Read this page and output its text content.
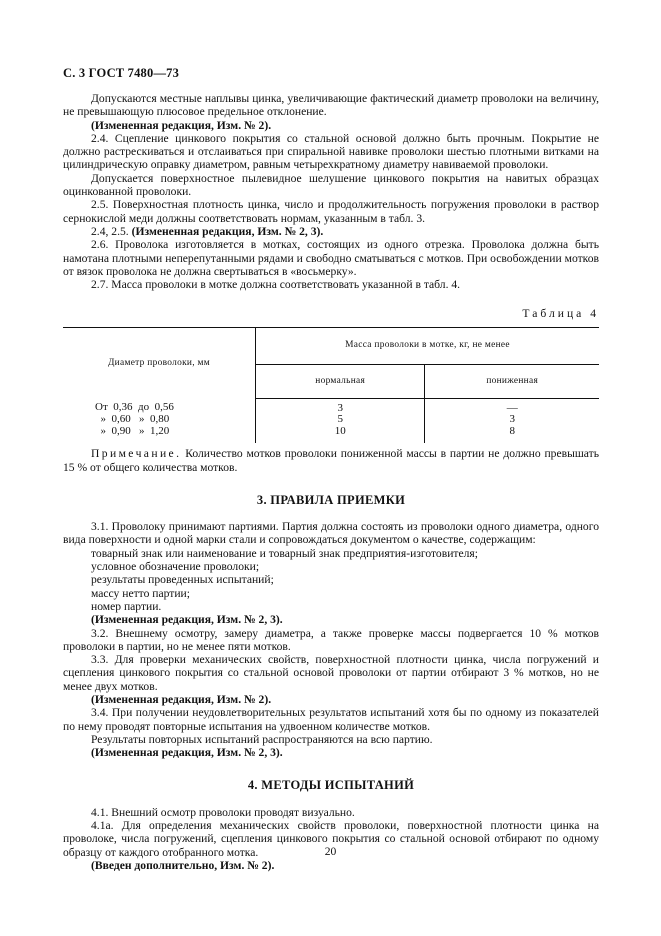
С. 3 ГОСТ 7480—73

Допускаются местные наплывы цинка, увеличивающие фактический диаметр проволоки на величину, не превышающую плюсовое предельное отклонение.

(Измененная редакция, Изм. № 2).

2.4. Сцепление цинкового покрытия со стальной основой должно быть прочным. Покрытие не должно растрескиваться и отслаиваться при спиральной навивке проволоки шестью плотными витками на цилиндрическую оправку диаметром, равным четырехкратному диаметру навиваемой проволоки.

Допускается поверхностное пылевидное шелушение цинкового покрытия на навитых образцах оцинкованной проволоки.

2.5. Поверхностная плотность цинка, число и продолжительность погружения проволоки в раствор сернокислой меди должны соответствовать нормам, указанным в табл. 3.

2.4, 2.5. (Измененная редакция, Изм. № 2, 3).

2.6. Проволока изготовляется в мотках, состоящих из одного отрезка. Проволока должна быть намотана плотными неперепутанными рядами и свободно сматываться с мотков. При освобождении мотков от вязок проволока не должна свертываться в «восьмерку».

2.7. Масса проволоки в мотке должна соответствовать указанной в табл. 4.

Таблица 4
Диаметр проволоки, мм	Масса проволоки в мотке, кг, не менее	
	нормальная	пониженная
От  0,36  до  0,56	3	—
»  0,60   »  0,80	5	3
»  0,90   »  1,20	10	8

Примечание. Количество мотков проволоки пониженной массы в партии не должно превышать 15 % от общего количества мотков.

3. ПРАВИЛА ПРИЕМКИ

3.1. Проволоку принимают партиями. Партия должна состоять из проволоки одного диаметра, одного вида поверхности и одной марки стали и сопровождаться документом о качестве, содержащим:

товарный знак или наименование и товарный знак предприятия-изготовителя;

условное обозначение проволоки;

результаты проведенных испытаний;

массу нетто партии;

номер партии.

(Измененная редакция, Изм. № 2, 3).

3.2. Внешнему осмотру, замеру диаметра, а также проверке массы подвергается 10 % мотков проволоки в партии, но не менее пяти мотков.

3.3. Для проверки механических свойств, поверхностной плотности цинка, числа погружений и сцепления цинкового покрытия со стальной основой проволоки от партии отбирают 3 % мотков, но не менее двух мотков.

(Измененная редакция, Изм. № 2).

3.4. При получении неудовлетворительных результатов испытаний хотя бы по одному из показателей по нему проводят повторные испытания на удвоенном количестве мотков.

Результаты повторных испытаний распространяются на всю партию.

(Измененная редакция, Изм. № 2, 3).

4. МЕТОДЫ ИСПЫТАНИЙ

4.1. Внешний осмотр проволоки проводят визуально.

4.1а. Для определения механических свойств проволоки, поверхностной плотности цинка на проволоке, числа погружений, сцепления цинкового покрытия со стальной основой отбирают по одному образцу от каждого отобранного мотка.

(Введен дополнительно, Изм. № 2).

20
